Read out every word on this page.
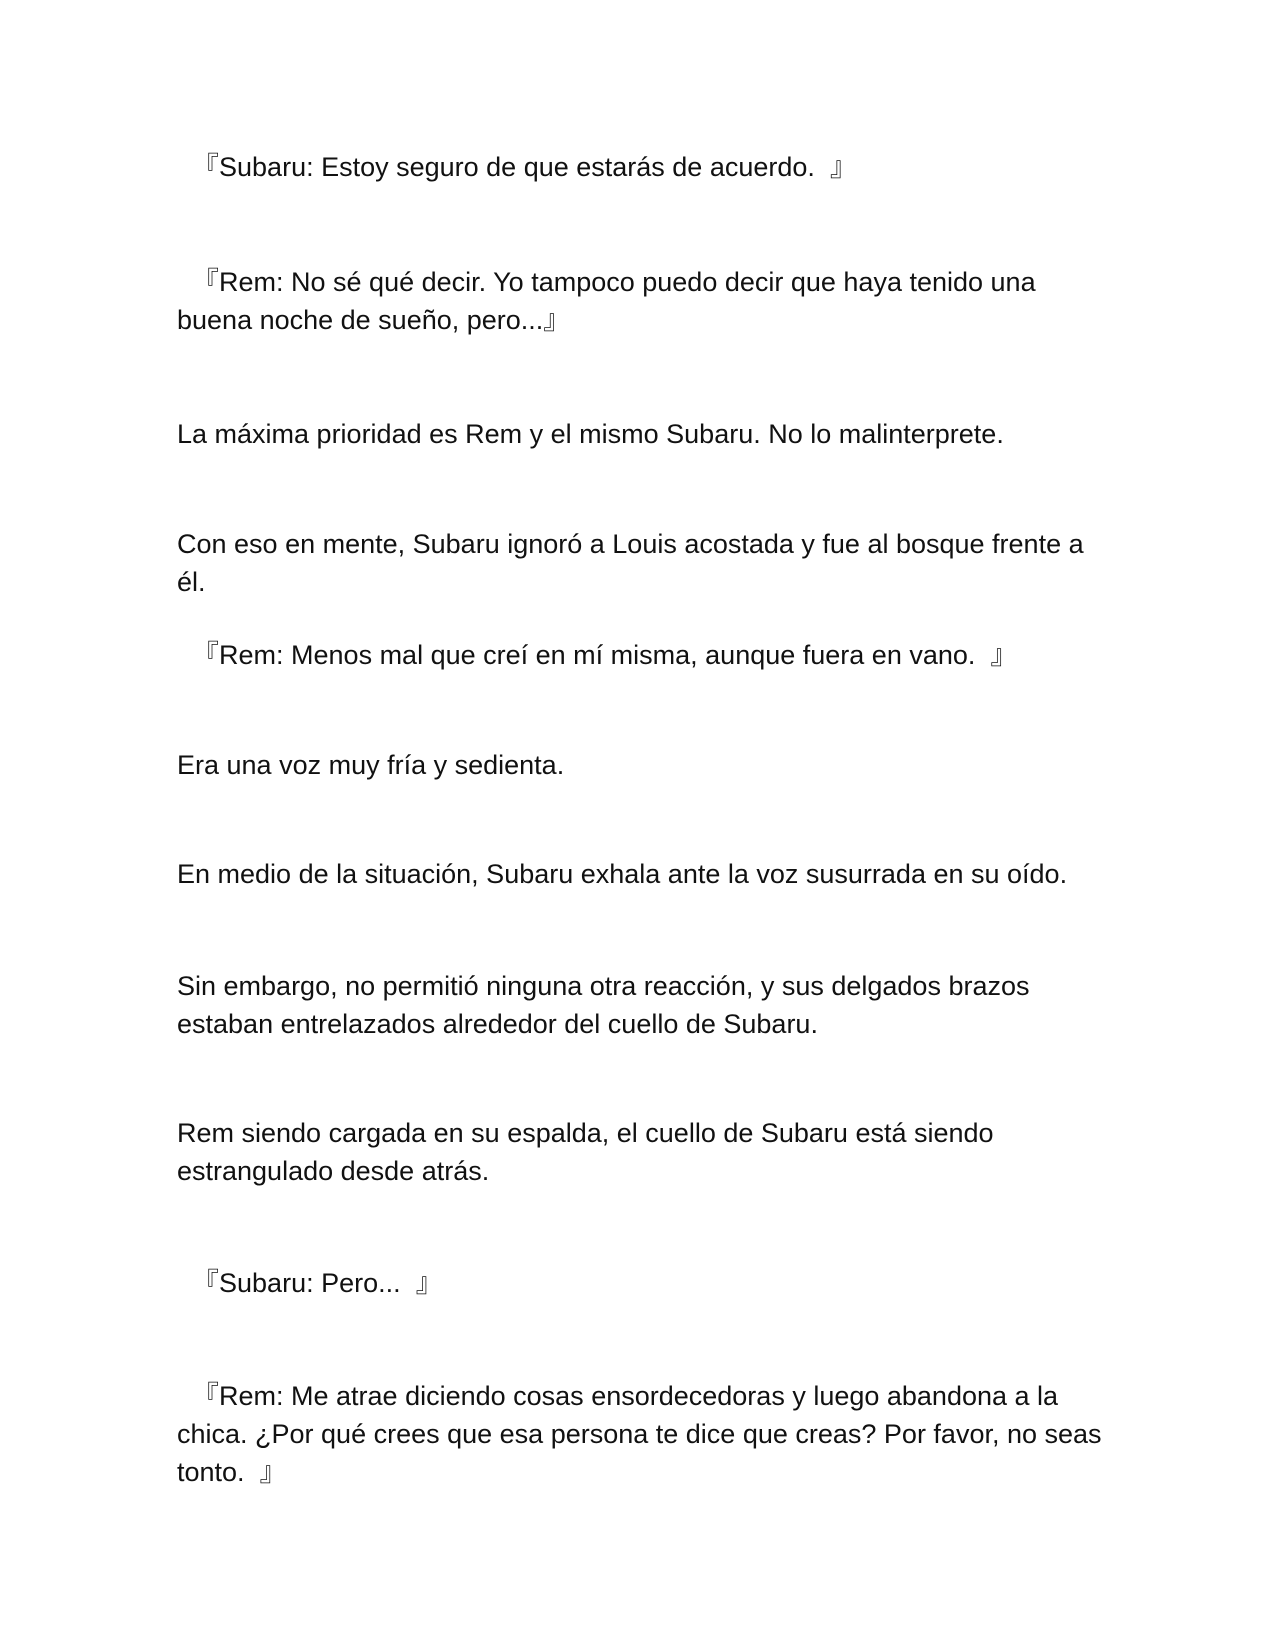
『Subaru: Estoy seguro de que estarás de acuerdo.  』

『Rem: No sé qué decir. Yo tampoco puedo decir que haya tenido una buena noche de sueño, pero...』

La máxima prioridad es Rem y el mismo Subaru. No lo malinterprete.

Con eso en mente, Subaru ignoró a Louis acostada y fue al bosque frente a él.

『Rem: Menos mal que creí en mí misma, aunque fuera en vano.  』

Era una voz muy fría y sedienta.

En medio de la situación, Subaru exhala ante la voz susurrada en su oído.

Sin embargo, no permitió ninguna otra reacción, y sus delgados brazos estaban entrelazados alrededor del cuello de Subaru.

Rem siendo cargada en su espalda, el cuello de Subaru está siendo estrangulado desde atrás.

『Subaru: Pero...  』

『Rem: Me atrae diciendo cosas ensordecedoras y luego abandona a la chica. ¿Por qué crees que esa persona te dice que creas? Por favor, no seas tonto.  』
